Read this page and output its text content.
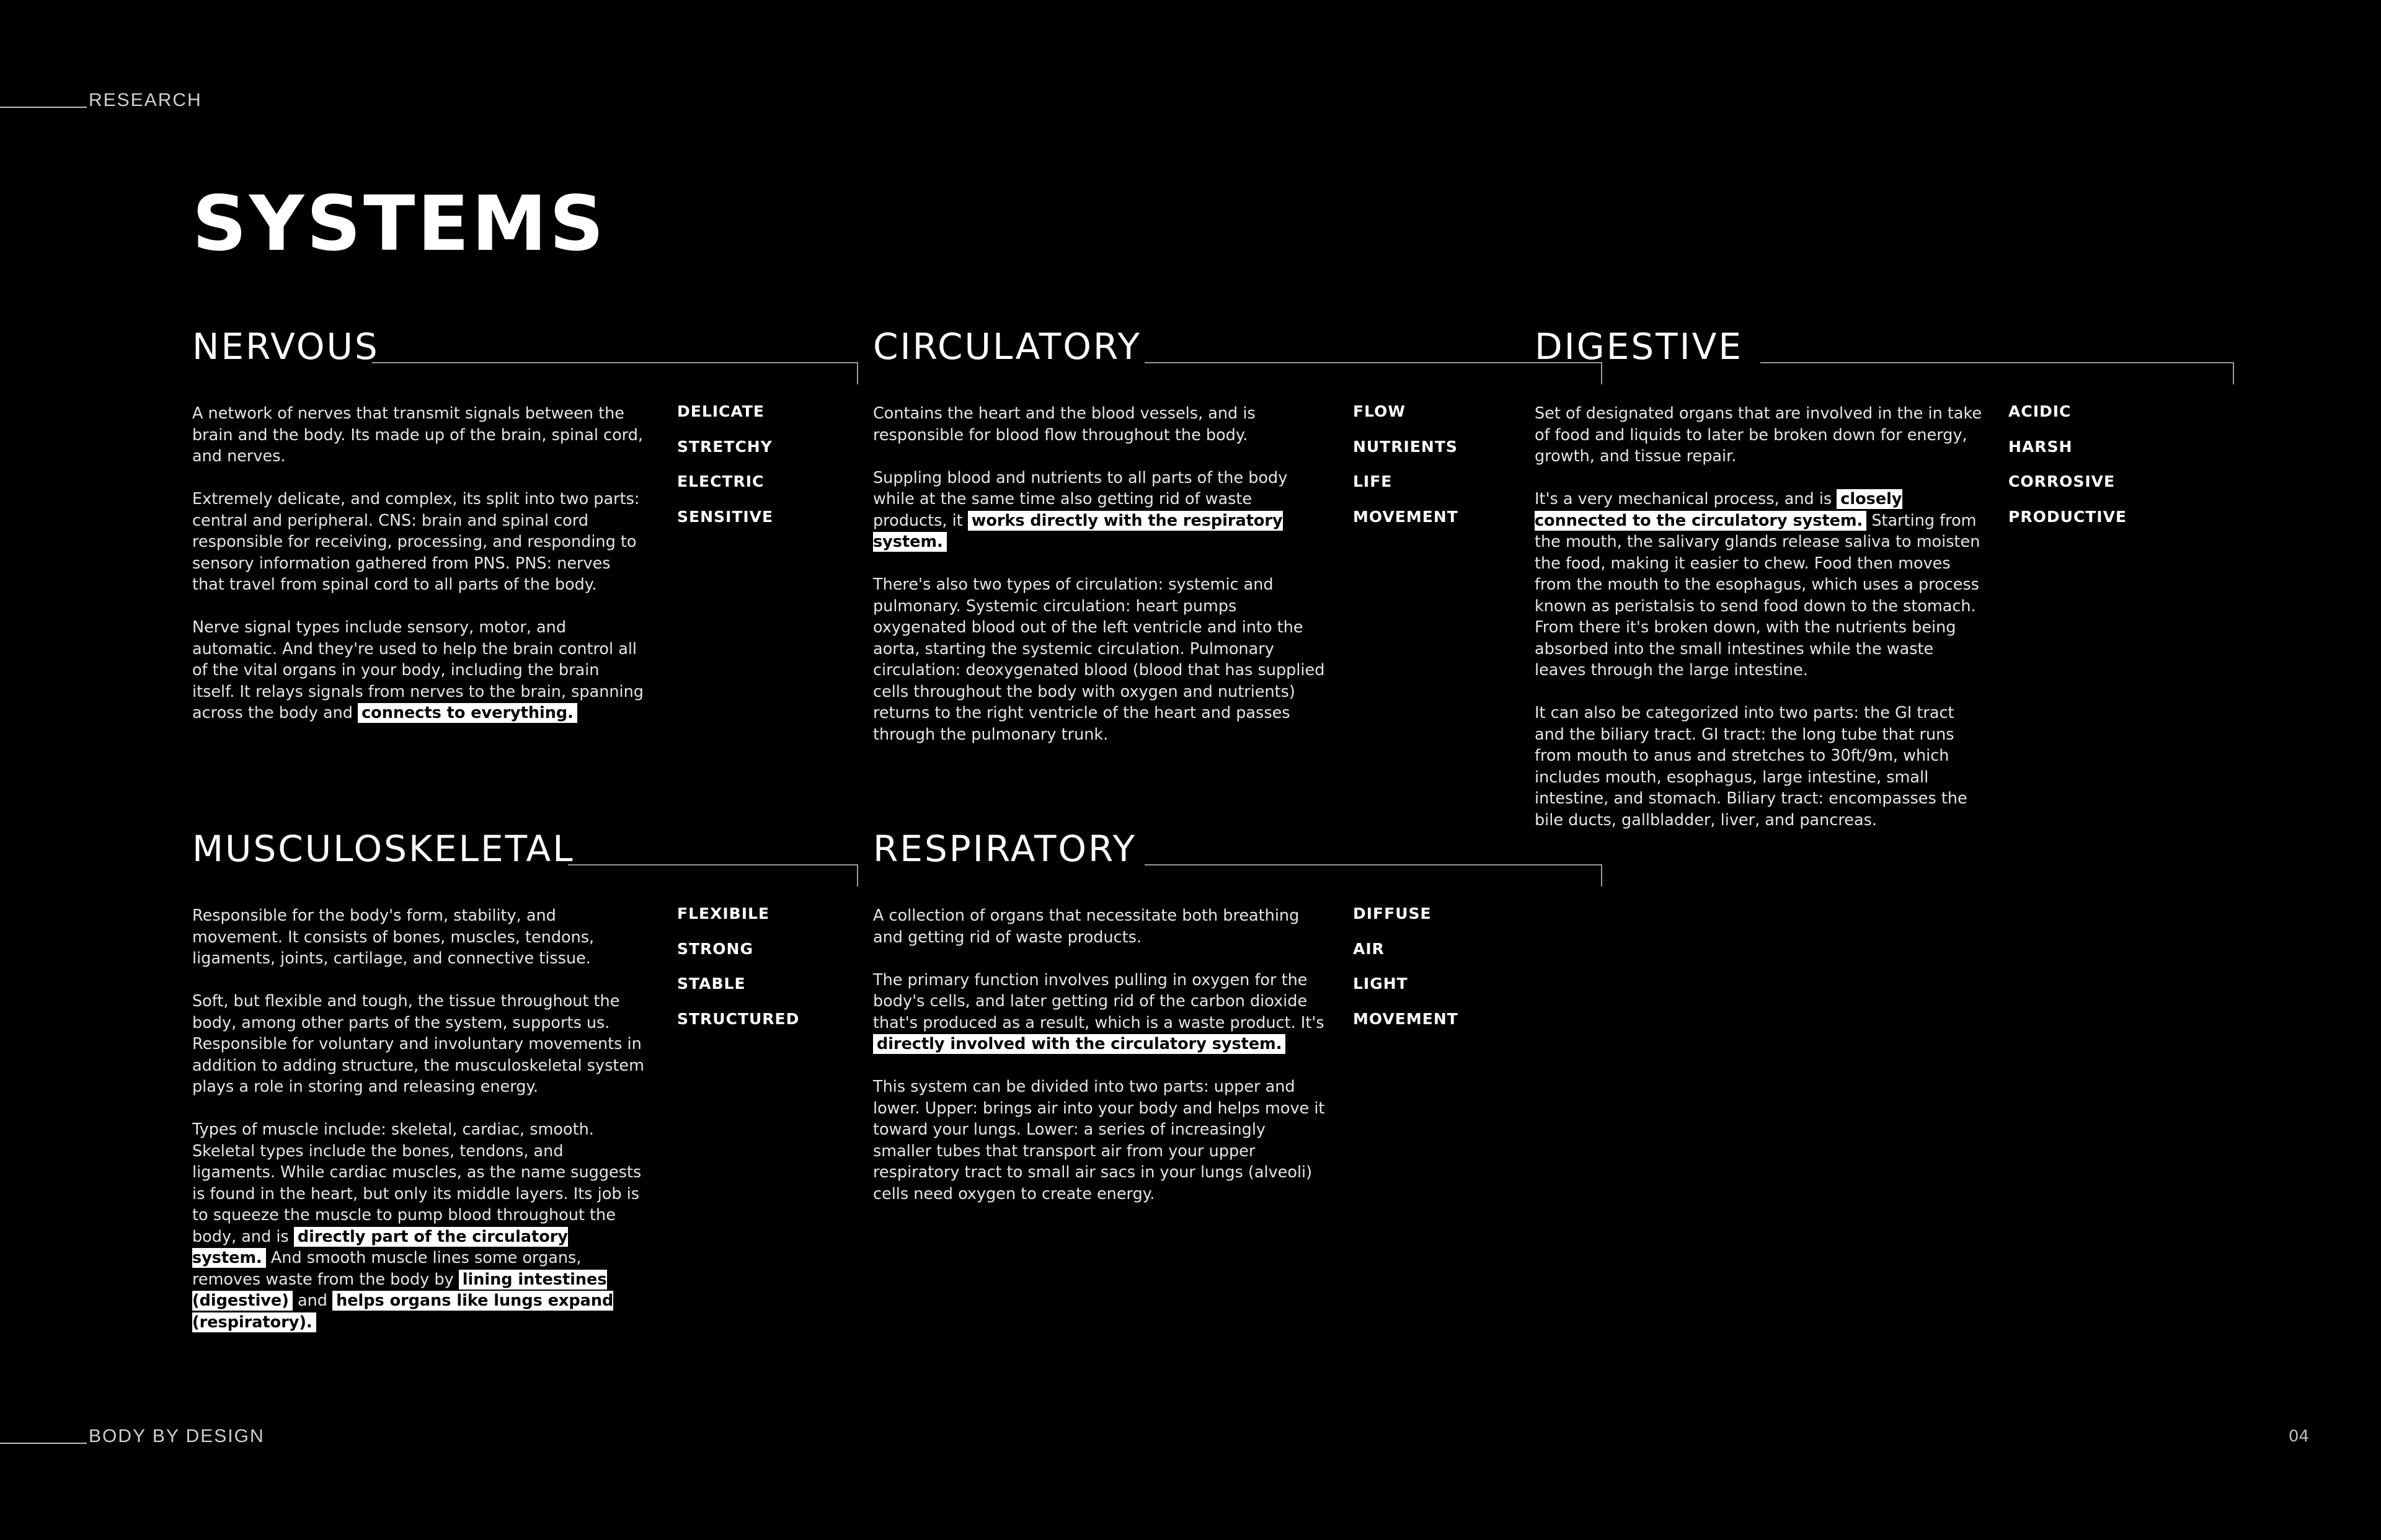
RESEARCH
SYSTEMS
NERVOUS

A network of nerves that transmit signals between the brain and the body. Its made up of the brain, spinal cord, and nerves.

Extremely delicate, and complex, its split into two parts: central and peripheral. CNS: brain and spinal cord responsible for receiving, processing, and responding to sensory information gathered from PNS. PNS: nerves that travel from spinal cord to all parts of the body.

Nerve signal types include sensory, motor, and automatic. And they're used to help the brain control all of the vital organs in your body, including the brain itself. It relays signals from nerves to the brain, spanning across the body and connects to everything.

DELICATE
STRETCHY
ELECTRIC
SENSITIVE
CIRCULATORY

Contains the heart and the blood vessels, and is responsible for blood flow throughout the body.

Suppling blood and nutrients to all parts of the body while at the same time also getting rid of waste products, it works directly with the respiratory system.

There's also two types of circulation: systemic and pulmonary. Systemic circulation: heart pumps oxygenated blood out of the left ventricle and into the aorta, starting the systemic circulation. Pulmonary circulation: deoxygenated blood (blood that has supplied cells throughout the body with oxygen and nutrients) returns to the right ventricle of the heart and passes through the pulmonary trunk.

FLOW
NUTRIENTS
LIFE
MOVEMENT
DIGESTIVE

Set of designated organs that are involved in the in take of food and liquids to later be broken down for energy, growth, and tissue repair.

It's a very mechanical process, and is closely connected to the circulatory system. Starting from the mouth, the salivary glands release saliva to moisten the food, making it easier to chew. Food then moves from the mouth to the esophagus, which uses a process known as peristalsis to send food down to the stomach. From there it's broken down, with the nutrients being absorbed into the small intestines while the waste leaves through the large intestine.

It can also be categorized into two parts: the GI tract and the biliary tract. GI tract: the long tube that runs from mouth to anus and stretches to 30ft/9m, which includes mouth, esophagus, large intestine, small intestine, and stomach. Biliary tract: encompasses the bile ducts, gallbladder, liver, and pancreas.

ACIDIC
HARSH
CORROSIVE
PRODUCTIVE
MUSCULOSKELETAL

Responsible for the body's form, stability, and movement. It consists of bones, muscles, tendons, ligaments, joints, cartilage, and connective tissue.

Soft, but flexible and tough, the tissue throughout the body, among other parts of the system, supports us. Responsible for voluntary and involuntary movements in addition to adding structure, the musculoskeletal system plays a role in storing and releasing energy.

Types of muscle include: skeletal, cardiac, smooth. Skeletal types include the bones, tendons, and ligaments. While cardiac muscles, as the name suggests is found in the heart, but only its middle layers. Its job is to squeeze the muscle to pump blood throughout the body, and is directly part of the circulatory system. And smooth muscle lines some organs, removes waste from the body by lining intestines (digestive) and helps organs like lungs expand (respiratory).

FLEXIBILE
STRONG
STABLE
STRUCTURED
RESPIRATORY

A collection of organs that necessitate both breathing and getting rid of waste products.

The primary function involves pulling in oxygen for the body's cells, and later getting rid of the carbon dioxide that's produced as a result, which is a waste product. It's directly involved with the circulatory system.

This system can be divided into two parts: upper and lower. Upper: brings air into your body and helps move it toward your lungs. Lower: a series of increasingly smaller tubes that transport air from your upper respiratory tract to small air sacs in your lungs (alveoli) cells need oxygen to create energy.

DIFFUSE
AIR
LIGHT
MOVEMENT
BODY BY DESIGN	04
